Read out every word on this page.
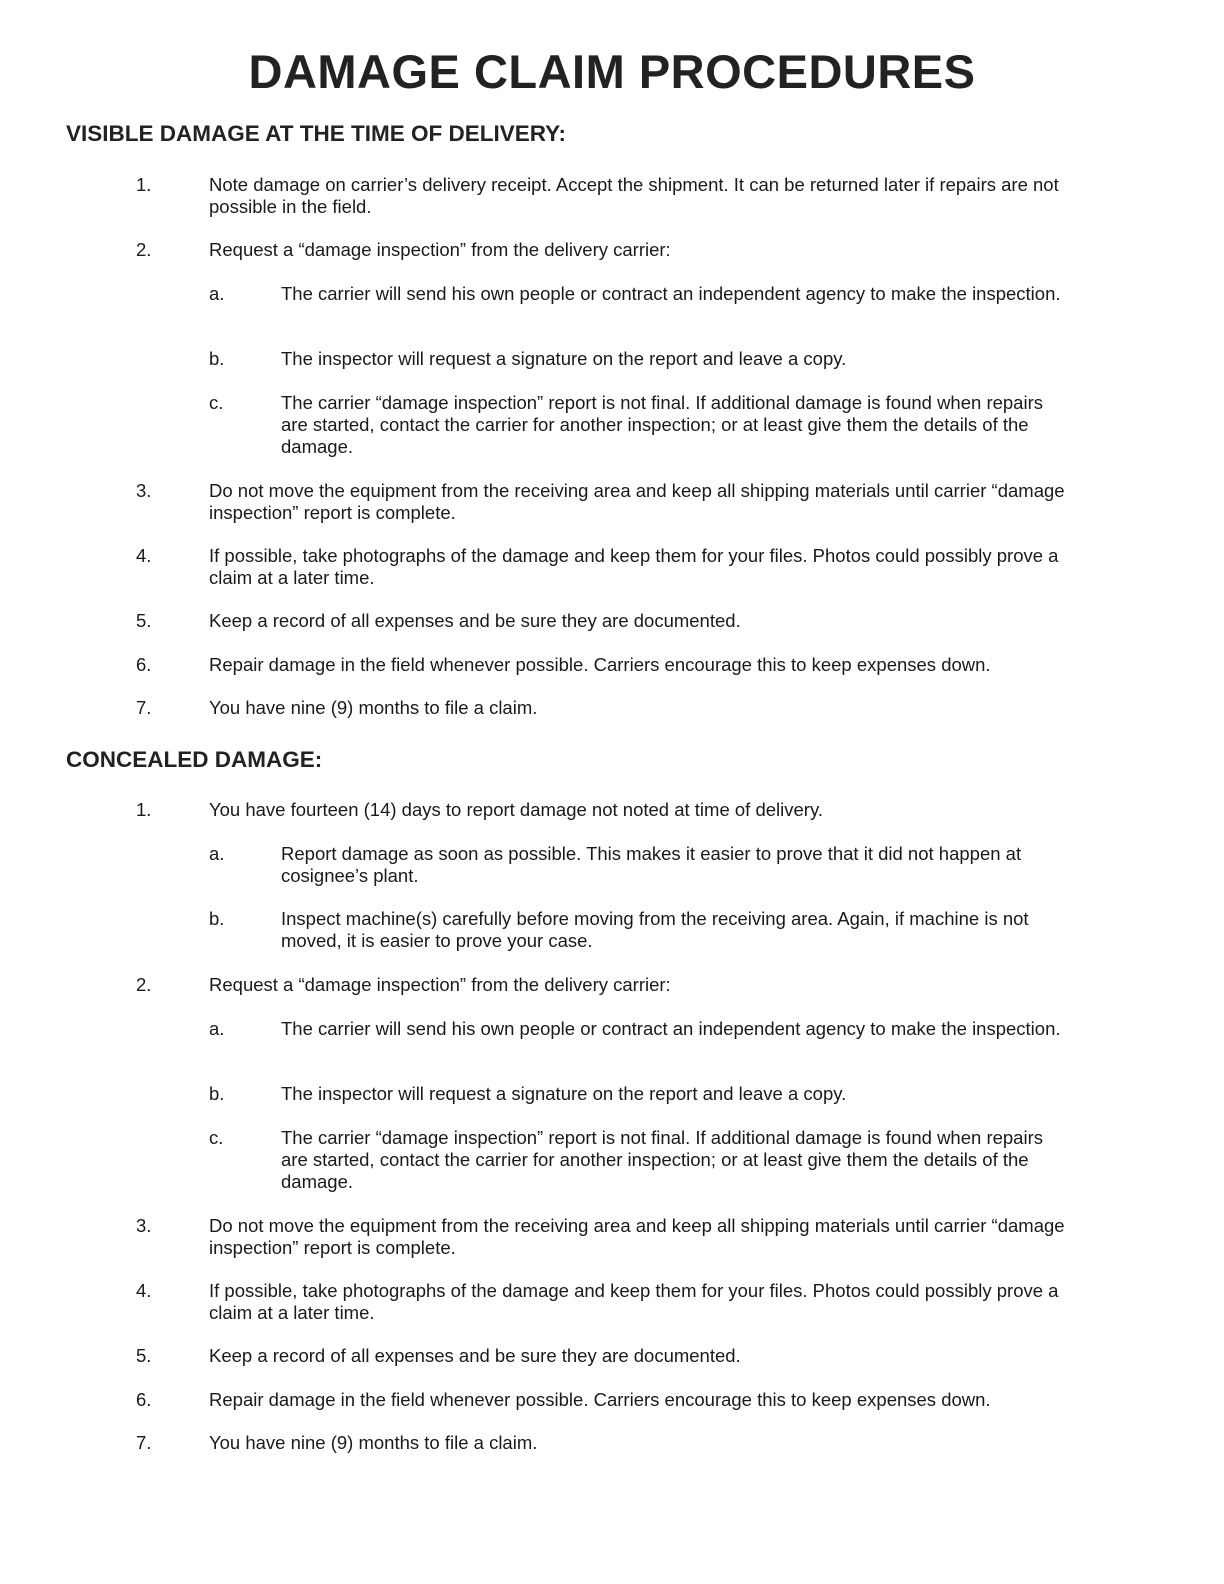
DAMAGE CLAIM PROCEDURES
VISIBLE DAMAGE AT THE TIME OF DELIVERY:
1.	Note damage on carrier’s delivery receipt. Accept the shipment. It can be returned later if repairs are not possible in the field.
2.	Request a “damage inspection” from the delivery carrier:
a.	The carrier will send his own people or contract an independent agency to make the inspection.
b.	The inspector will request a signature on the report and leave a copy.
c.	The carrier “damage inspection” report is not final. If additional damage is found when repairs are started, contact the carrier for another inspection; or at least give them the details of the damage.
3.	Do not move the equipment from the receiving area and keep all shipping materials until carrier “damage inspection” report is complete.
4.	If possible, take photographs of the damage and keep them for your files. Photos could possibly prove a claim at a later time.
5.	Keep a record of all expenses and be sure they are documented.
6.	Repair damage in the field whenever possible. Carriers encourage this to keep expenses down.
7.	You have nine (9) months to file a claim.
CONCEALED DAMAGE:
1.	You have fourteen (14) days to report damage not noted at time of delivery.
a.	Report damage as soon as possible. This makes it easier to prove that it did not happen at cosignee’s plant.
b.	Inspect machine(s) carefully before moving from the receiving area. Again, if machine is not moved, it is easier to prove your case.
2.	Request a “damage inspection” from the delivery carrier:
a.	The carrier will send his own people or contract an independent agency to make the inspection.
b.	The inspector will request a signature on the report and leave a copy.
c.	The carrier “damage inspection” report is not final. If additional damage is found when repairs are started, contact the carrier for another inspection; or at least give them the details of the damage.
3.	Do not move the equipment from the receiving area and keep all shipping materials until carrier “damage inspection” report is complete.
4.	If possible, take photographs of the damage and keep them for your files. Photos could possibly prove a claim at a later time.
5.	Keep a record of all expenses and be sure they are documented.
6.	Repair damage in the field whenever possible. Carriers encourage this to keep expenses down.
7.	You have nine (9) months to file a claim.
